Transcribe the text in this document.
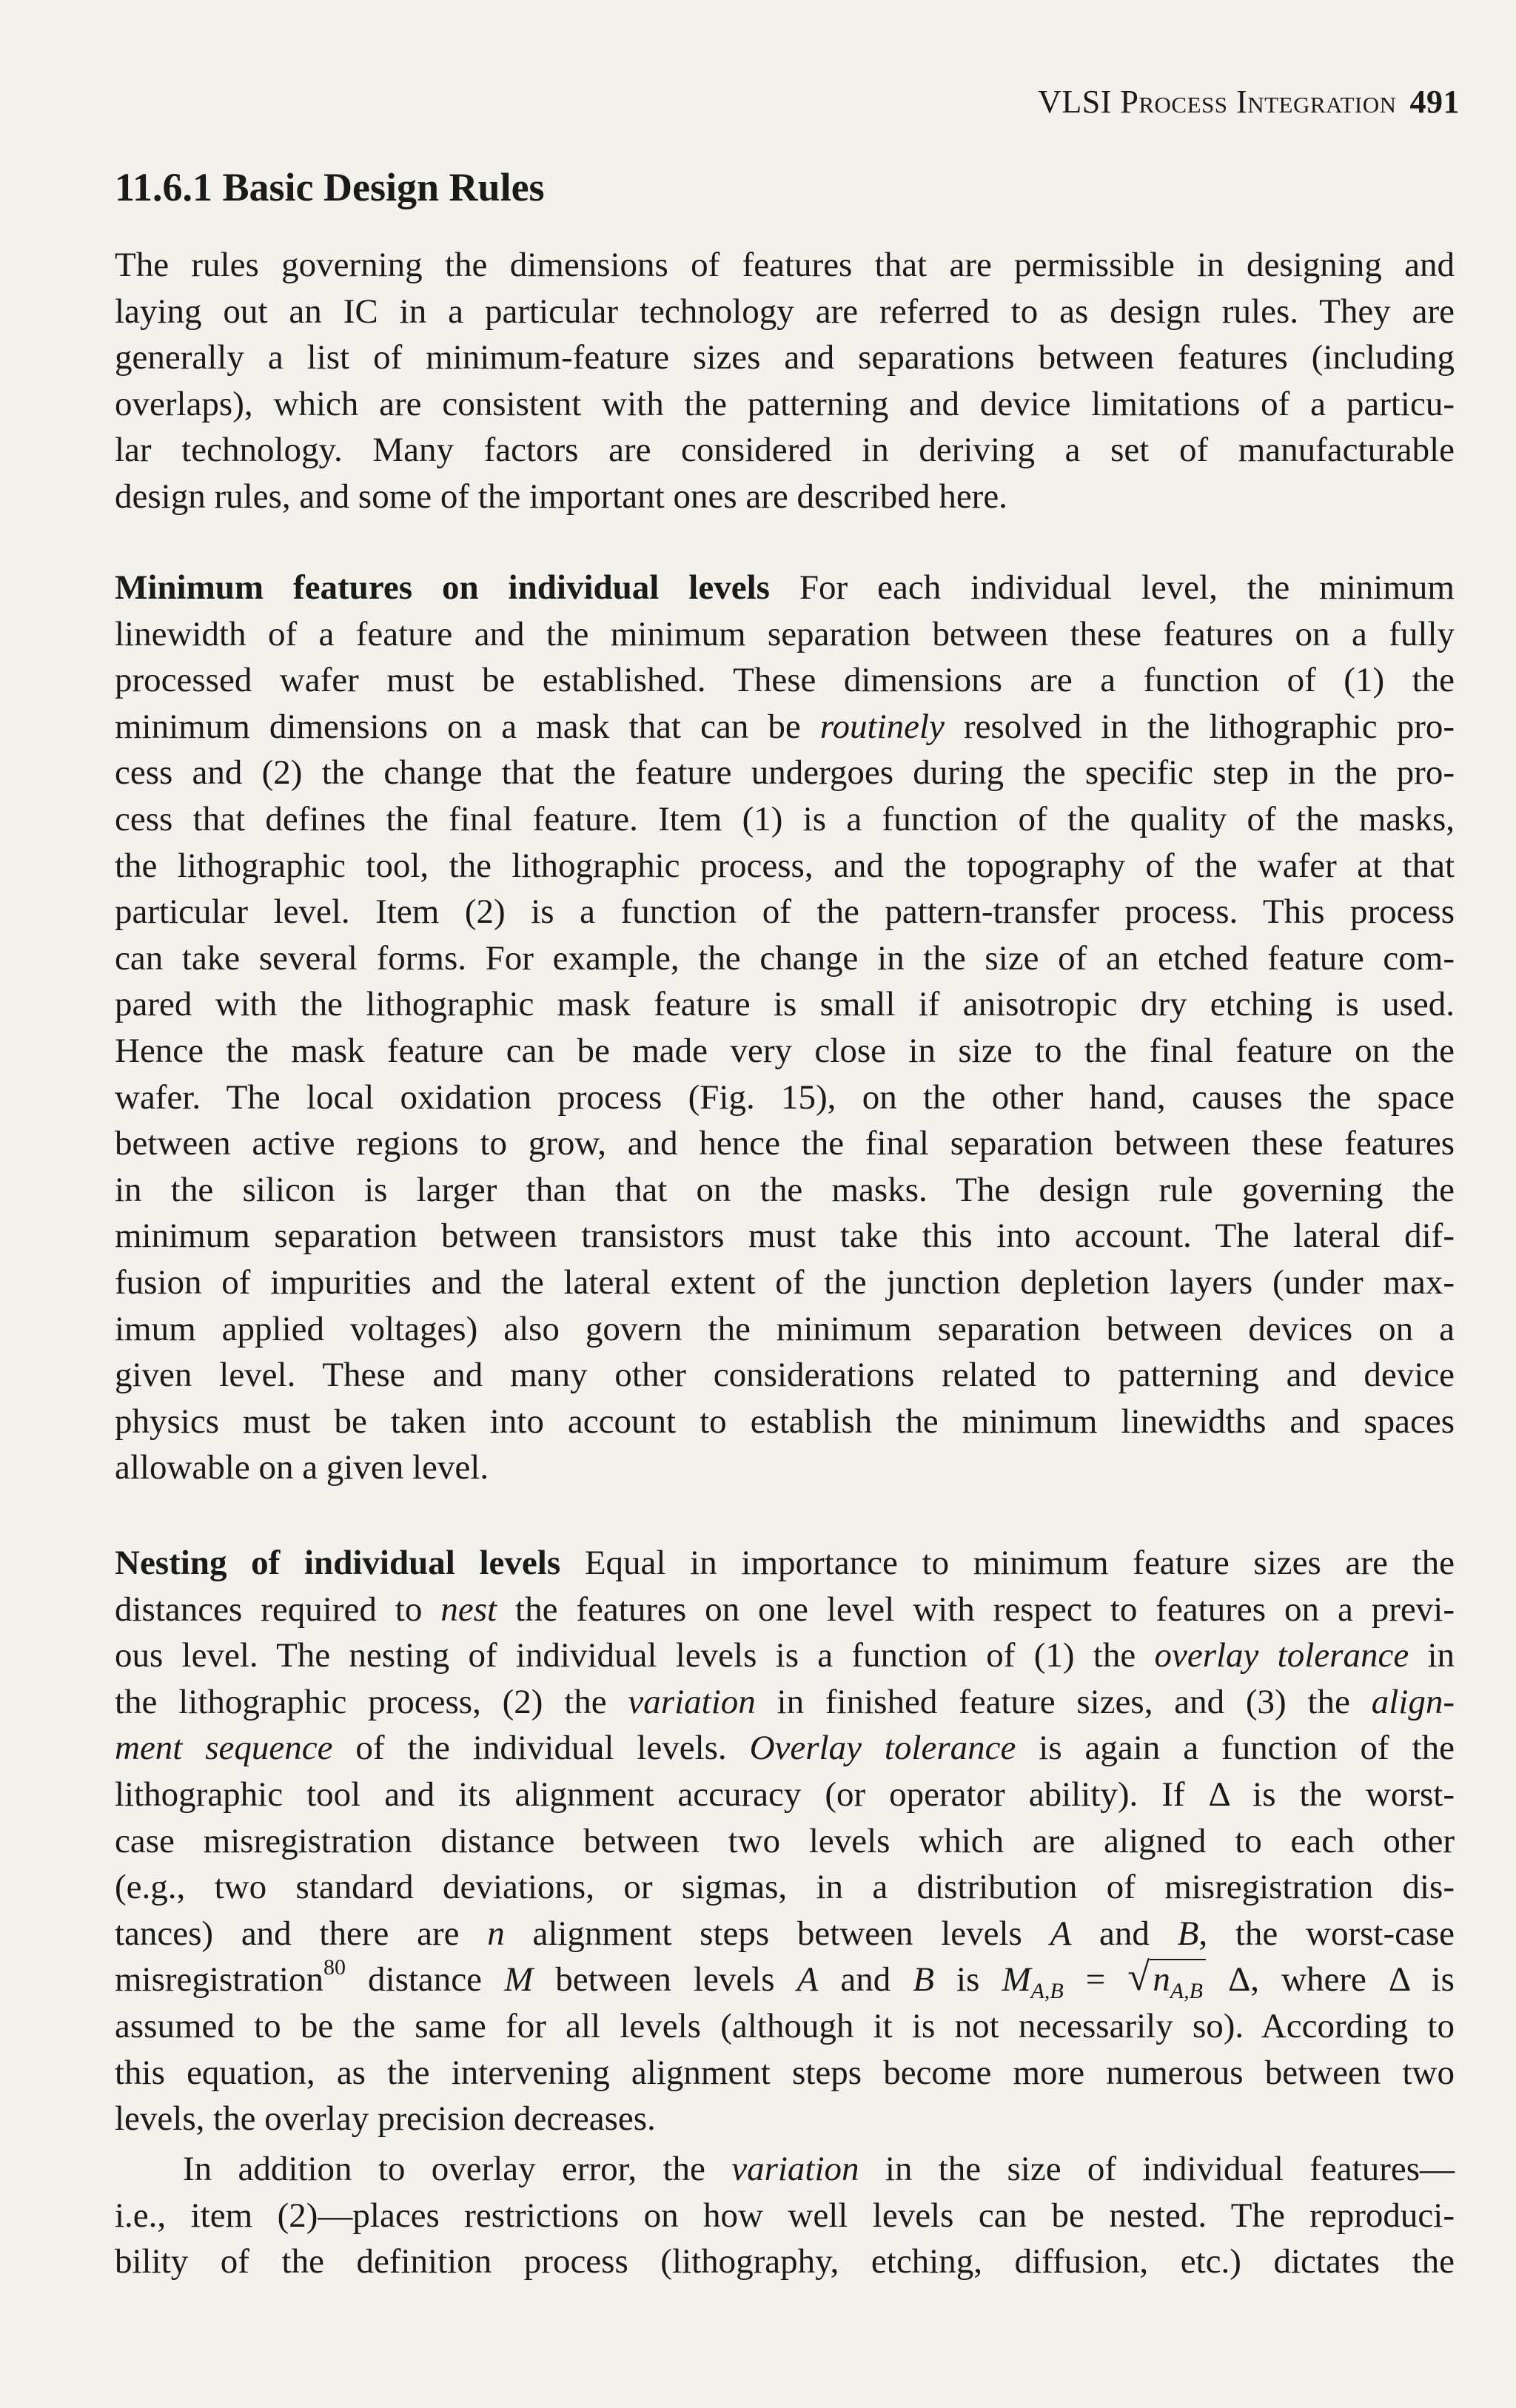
VLSI Process Integration 491
11.6.1 Basic Design Rules
The rules governing the dimensions of features that are permissible in designing and
laying out an IC in a particular technology are referred to as design rules. They are
generally a list of minimum-feature sizes and separations between features (including
overlaps), which are consistent with the patterning and device limitations of a particu-
lar technology. Many factors are considered in deriving a set of manufacturable
design rules, and some of the important ones are described here.
Minimum features on individual levels For each individual level, the minimum
linewidth of a feature and the minimum separation between these features on a fully
processed wafer must be established. These dimensions are a function of (1) the
minimum dimensions on a mask that can be routinely resolved in the lithographic pro-
cess and (2) the change that the feature undergoes during the specific step in the pro-
cess that defines the final feature. Item (1) is a function of the quality of the masks,
the lithographic tool, the lithographic process, and the topography of the wafer at that
particular level. Item (2) is a function of the pattern-transfer process. This process
can take several forms. For example, the change in the size of an etched feature com-
pared with the lithographic mask feature is small if anisotropic dry etching is used.
Hence the mask feature can be made very close in size to the final feature on the
wafer. The local oxidation process (Fig. 15), on the other hand, causes the space
between active regions to grow, and hence the final separation between these features
in the silicon is larger than that on the masks. The design rule governing the
minimum separation between transistors must take this into account. The lateral dif-
fusion of impurities and the lateral extent of the junction depletion layers (under max-
imum applied voltages) also govern the minimum separation between devices on a
given level. These and many other considerations related to patterning and device
physics must be taken into account to establish the minimum linewidths and spaces
allowable on a given level.
Nesting of individual levels Equal in importance to minimum feature sizes are the
distances required to nest the features on one level with respect to features on a previ-
ous level. The nesting of individual levels is a function of (1) the overlay tolerance in
the lithographic process, (2) the variation in finished feature sizes, and (3) the align-
ment sequence of the individual levels. Overlay tolerance is again a function of the
lithographic tool and its alignment accuracy (or operator ability). If Δ is the worst-
case misregistration distance between two levels which are aligned to each other
(e.g., two standard deviations, or sigmas, in a distribution of misregistration dis-
tances) and there are n alignment steps between levels A and B, the worst-case
misregistration$^{80}$ distance M between levels A and B is $M_{A,B}$ = √ $n_{A,B}$ Δ, where Δ is
assumed to be the same for all levels (although it is not necessarily so). According to
this equation, as the intervening alignment steps become more numerous between two
levels, the overlay precision decreases.
In addition to overlay error, the variation in the size of individual features—
i.e., item (2)—places restrictions on how well levels can be nested. The reproduci-
bility of the definition process (lithography, etching, diffusion, etc.) dictates the
